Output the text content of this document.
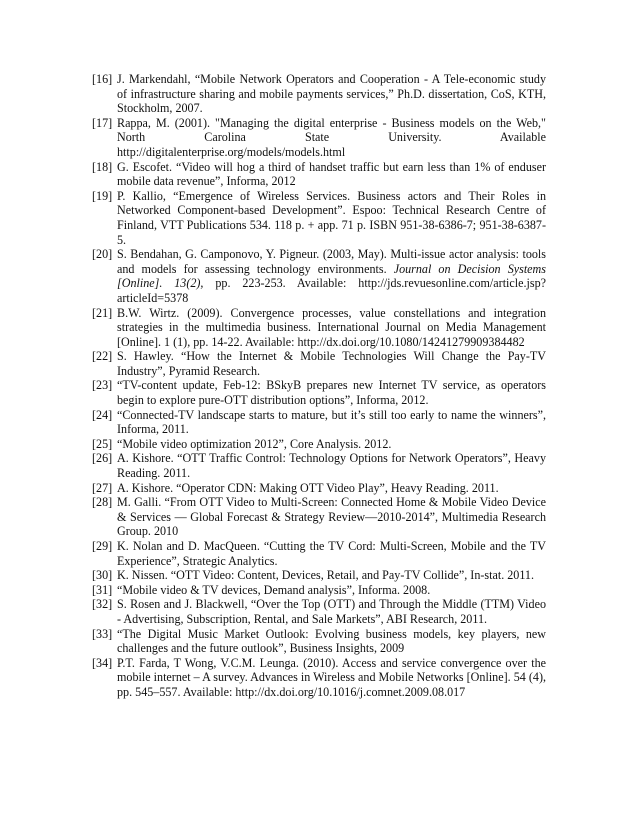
[16] J. Markendahl, “Mobile Network Operators and Cooperation - A Tele-economic study of infrastructure sharing and mobile payments services,” Ph.D. dissertation, CoS, KTH, Stockholm, 2007.

[17] Rappa, M. (2001). "Managing the digital enterprise - Business models on the Web," North Carolina State University. Available http://digitalenterprise.org/models/models.html

[18] G. Escofet. “Video will hog a third of handset traffic but earn less than 1% of enduser mobile data revenue”, Informa, 2012

[19] P. Kallio, “Emergence of Wireless Services. Business actors and Their Roles in Networked Component-based Development”. Espoo: Technical Research Centre of Finland, VTT Publications 534. 118 p. + app. 71 p. ISBN 951-38-6386-7; 951-38-6387-5.

[20] S. Bendahan, G. Camponovo, Y. Pigneur. (2003, May). Multi-issue actor analysis: tools and models for assessing technology environments. Journal on Decision Systems [Online]. 13(2), pp. 223-253. Available: http://jds.revuesonline.com/article.jsp?articleId=5378

[21] B.W. Wirtz. (2009). Convergence processes, value constellations and integration strategies in the multimedia business. International Journal on Media Management [Online]. 1 (1), pp. 14-22. Available: http://dx.doi.org/10.1080/14241279909384482

[22] S. Hawley. “How the Internet & Mobile Technologies Will Change the Pay-TV Industry”, Pyramid Research.

[23] “TV-content update, Feb-12: BSkyB prepares new Internet TV service, as operators begin to explore pure-OTT distribution options”, Informa, 2012.

[24] “Connected-TV landscape starts to mature, but it’s still too early to name the winners”, Informa, 2011.

[25] “Mobile video optimization 2012”, Core Analysis. 2012.

[26] A. Kishore. “OTT Traffic Control: Technology Options for Network Operators”, Heavy Reading. 2011.

[27] A. Kishore. “Operator CDN: Making OTT Video Play”, Heavy Reading. 2011.

[28] M. Galli. “From OTT Video to Multi-Screen: Connected Home & Mobile Video Device & Services — Global Forecast & Strategy Review—2010-2014”, Multimedia Research Group. 2010

[29] K. Nolan and D. MacQueen. “Cutting the TV Cord: Multi-Screen, Mobile and the TV Experience”, Strategic Analytics.

[30] K. Nissen. “OTT Video: Content, Devices, Retail, and Pay-TV Collide”, In-stat. 2011.

[31] “Mobile video & TV devices, Demand analysis”, Informa. 2008.

[32] S. Rosen and J. Blackwell, “Over the Top (OTT) and Through the Middle (TTM) Video - Advertising, Subscription, Rental, and Sale Markets”, ABI Research, 2011.

[33] “The Digital Music Market Outlook: Evolving business models, key players, new challenges and the future outlook”, Business Insights, 2009

[34] P.T. Farda, T Wong, V.C.M. Leunga. (2010). Access and service convergence over the mobile internet – A survey. Advances in Wireless and Mobile Networks [Online]. 54 (4), pp. 545–557. Available: http://dx.doi.org/10.1016/j.comnet.2009.08.017
